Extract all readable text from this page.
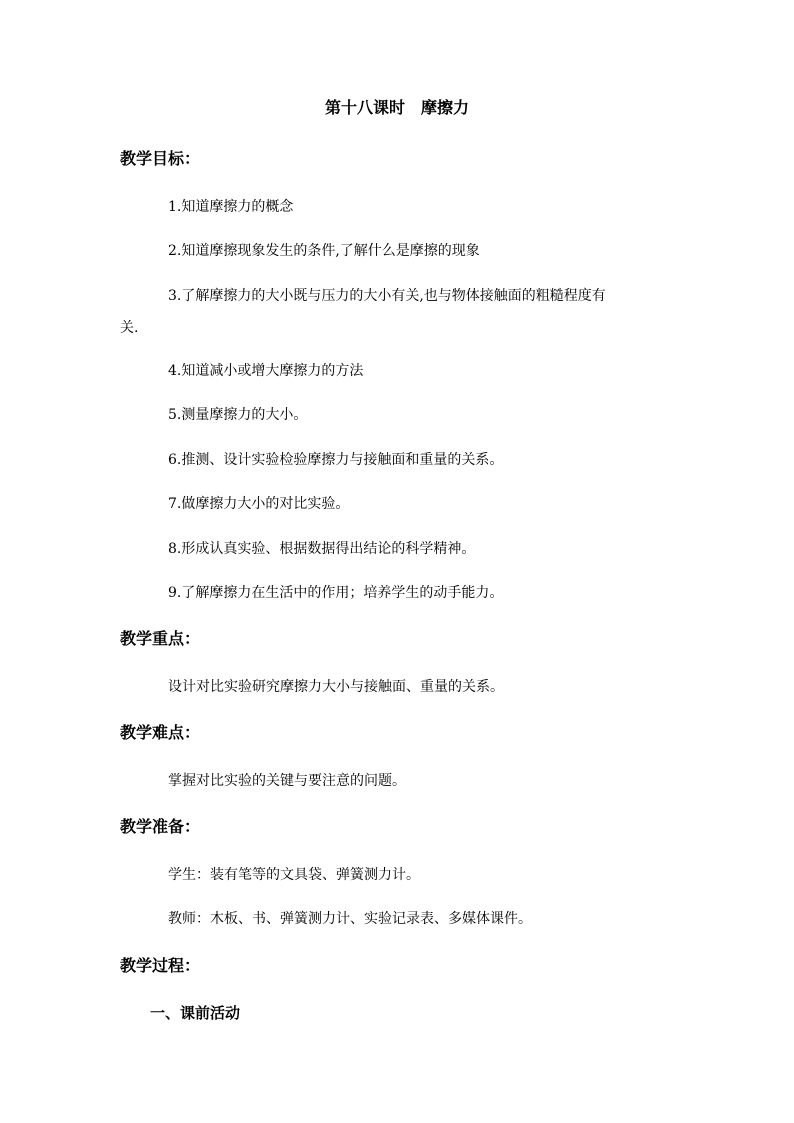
第十八课时　摩擦力
教学目标：
1.知道摩擦力的概念
2.知道摩擦现象发生的条件,了解什么是摩擦的现象
3.了解摩擦力的大小既与压力的大小有关,也与物体接触面的粗糙程度有
关.
4.知道减小或增大摩擦力的方法
5.测量摩擦力的大小。
6.推测、设计实验检验摩擦力与接触面和重量的关系。
7.做摩擦力大小的对比实验。
8.形成认真实验、根据数据得出结论的科学精神。
9.了解摩擦力在生活中的作用；培养学生的动手能力。
教学重点：
设计对比实验研究摩擦力大小与接触面、重量的关系。
教学难点：
掌握对比实验的关键与要注意的问题。
教学准备：
学生：装有笔等的文具袋、弹簧测力计。
教师：木板、书、弹簧测力计、实验记录表、多媒体课件。
教学过程：
一、课前活动
